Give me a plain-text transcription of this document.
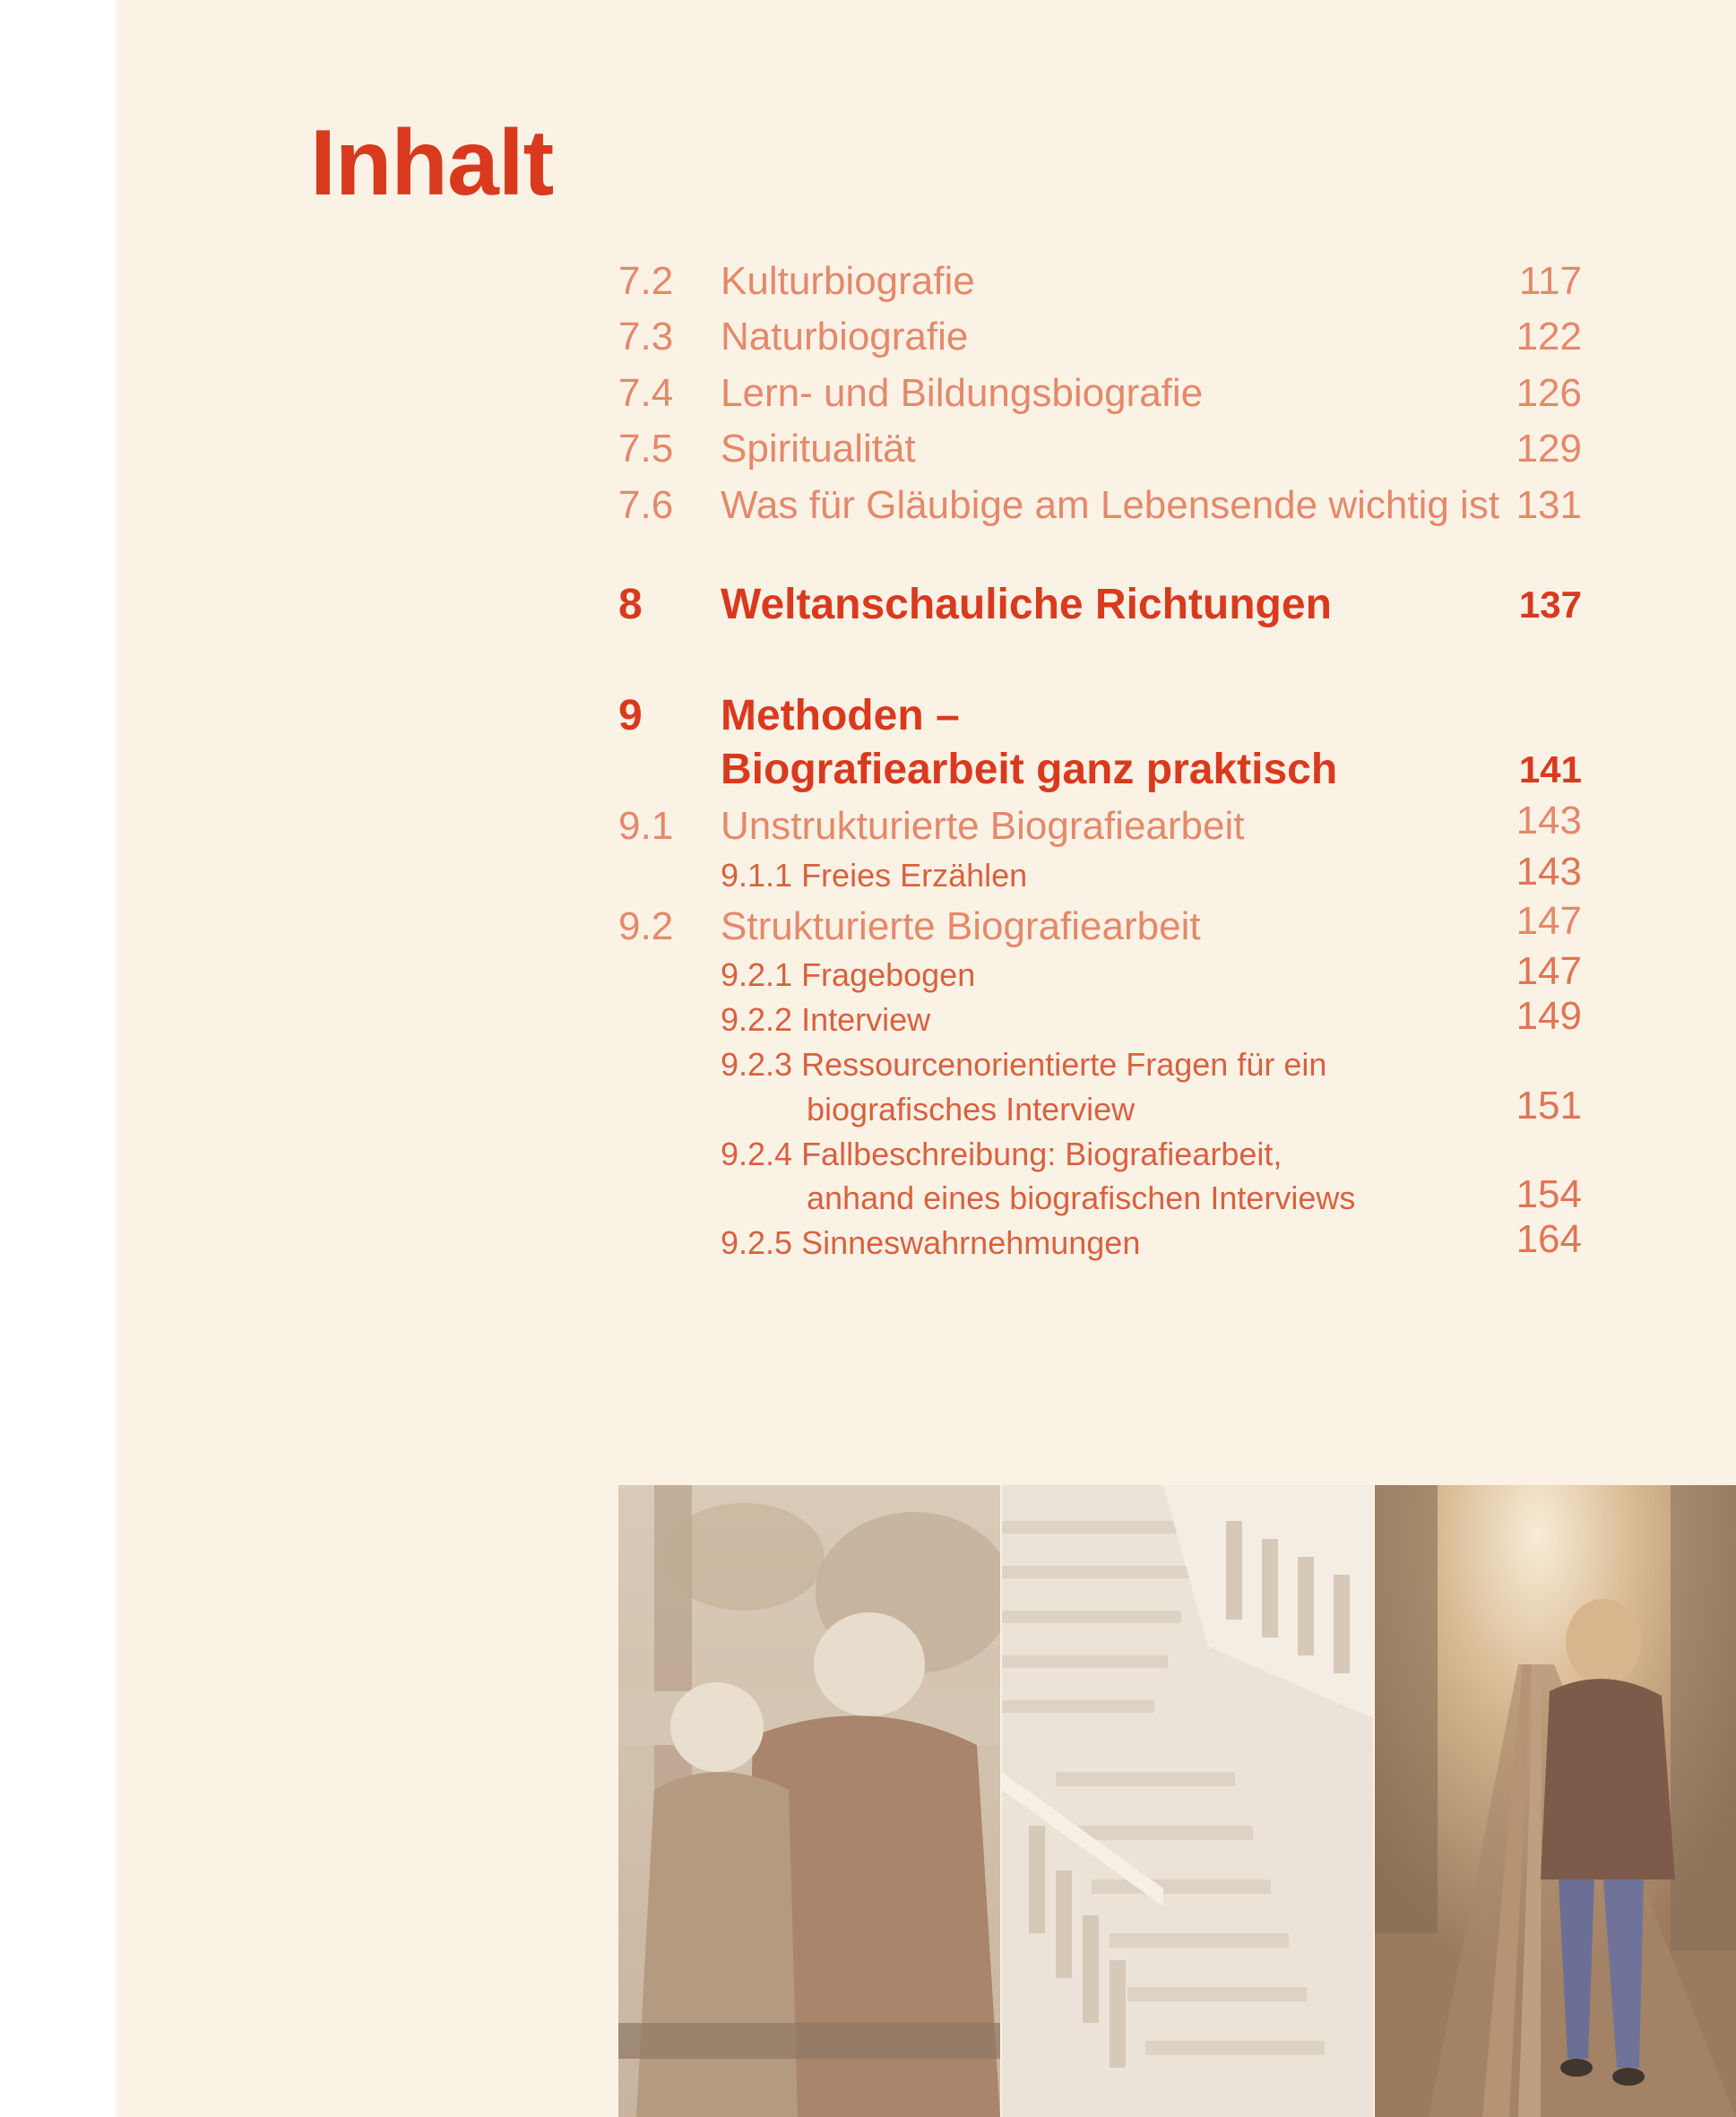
Inhalt
7.2 Kulturbiografie	117
7.3 Naturbiografie	122
7.4 Lern- und Bildungsbiografie	126
7.5 Spiritualität	129
7.6 Was für Gläubige am Lebensende wichtig ist 131
8 Weltanschauliche Richtungen	137
9 Methoden –
Biografiearbeit ganz praktisch	141
9.1 Unstrukturierte Biografiearbeit	143
9.1.1 Freies Erzählen	143
9.2 Strukturierte Biografiearbeit	147
9.2.1 Fragebogen	147
9.2.2 Interview	149
9.2.3 Ressourcenorientierte Fragen für ein
biografisches Interview	151
9.2.4 Fallbeschreibung: Biografiearbeit,
anhand eines biografischen Interviews	154
9.2.5 Sinneswahrnehmungen	164
